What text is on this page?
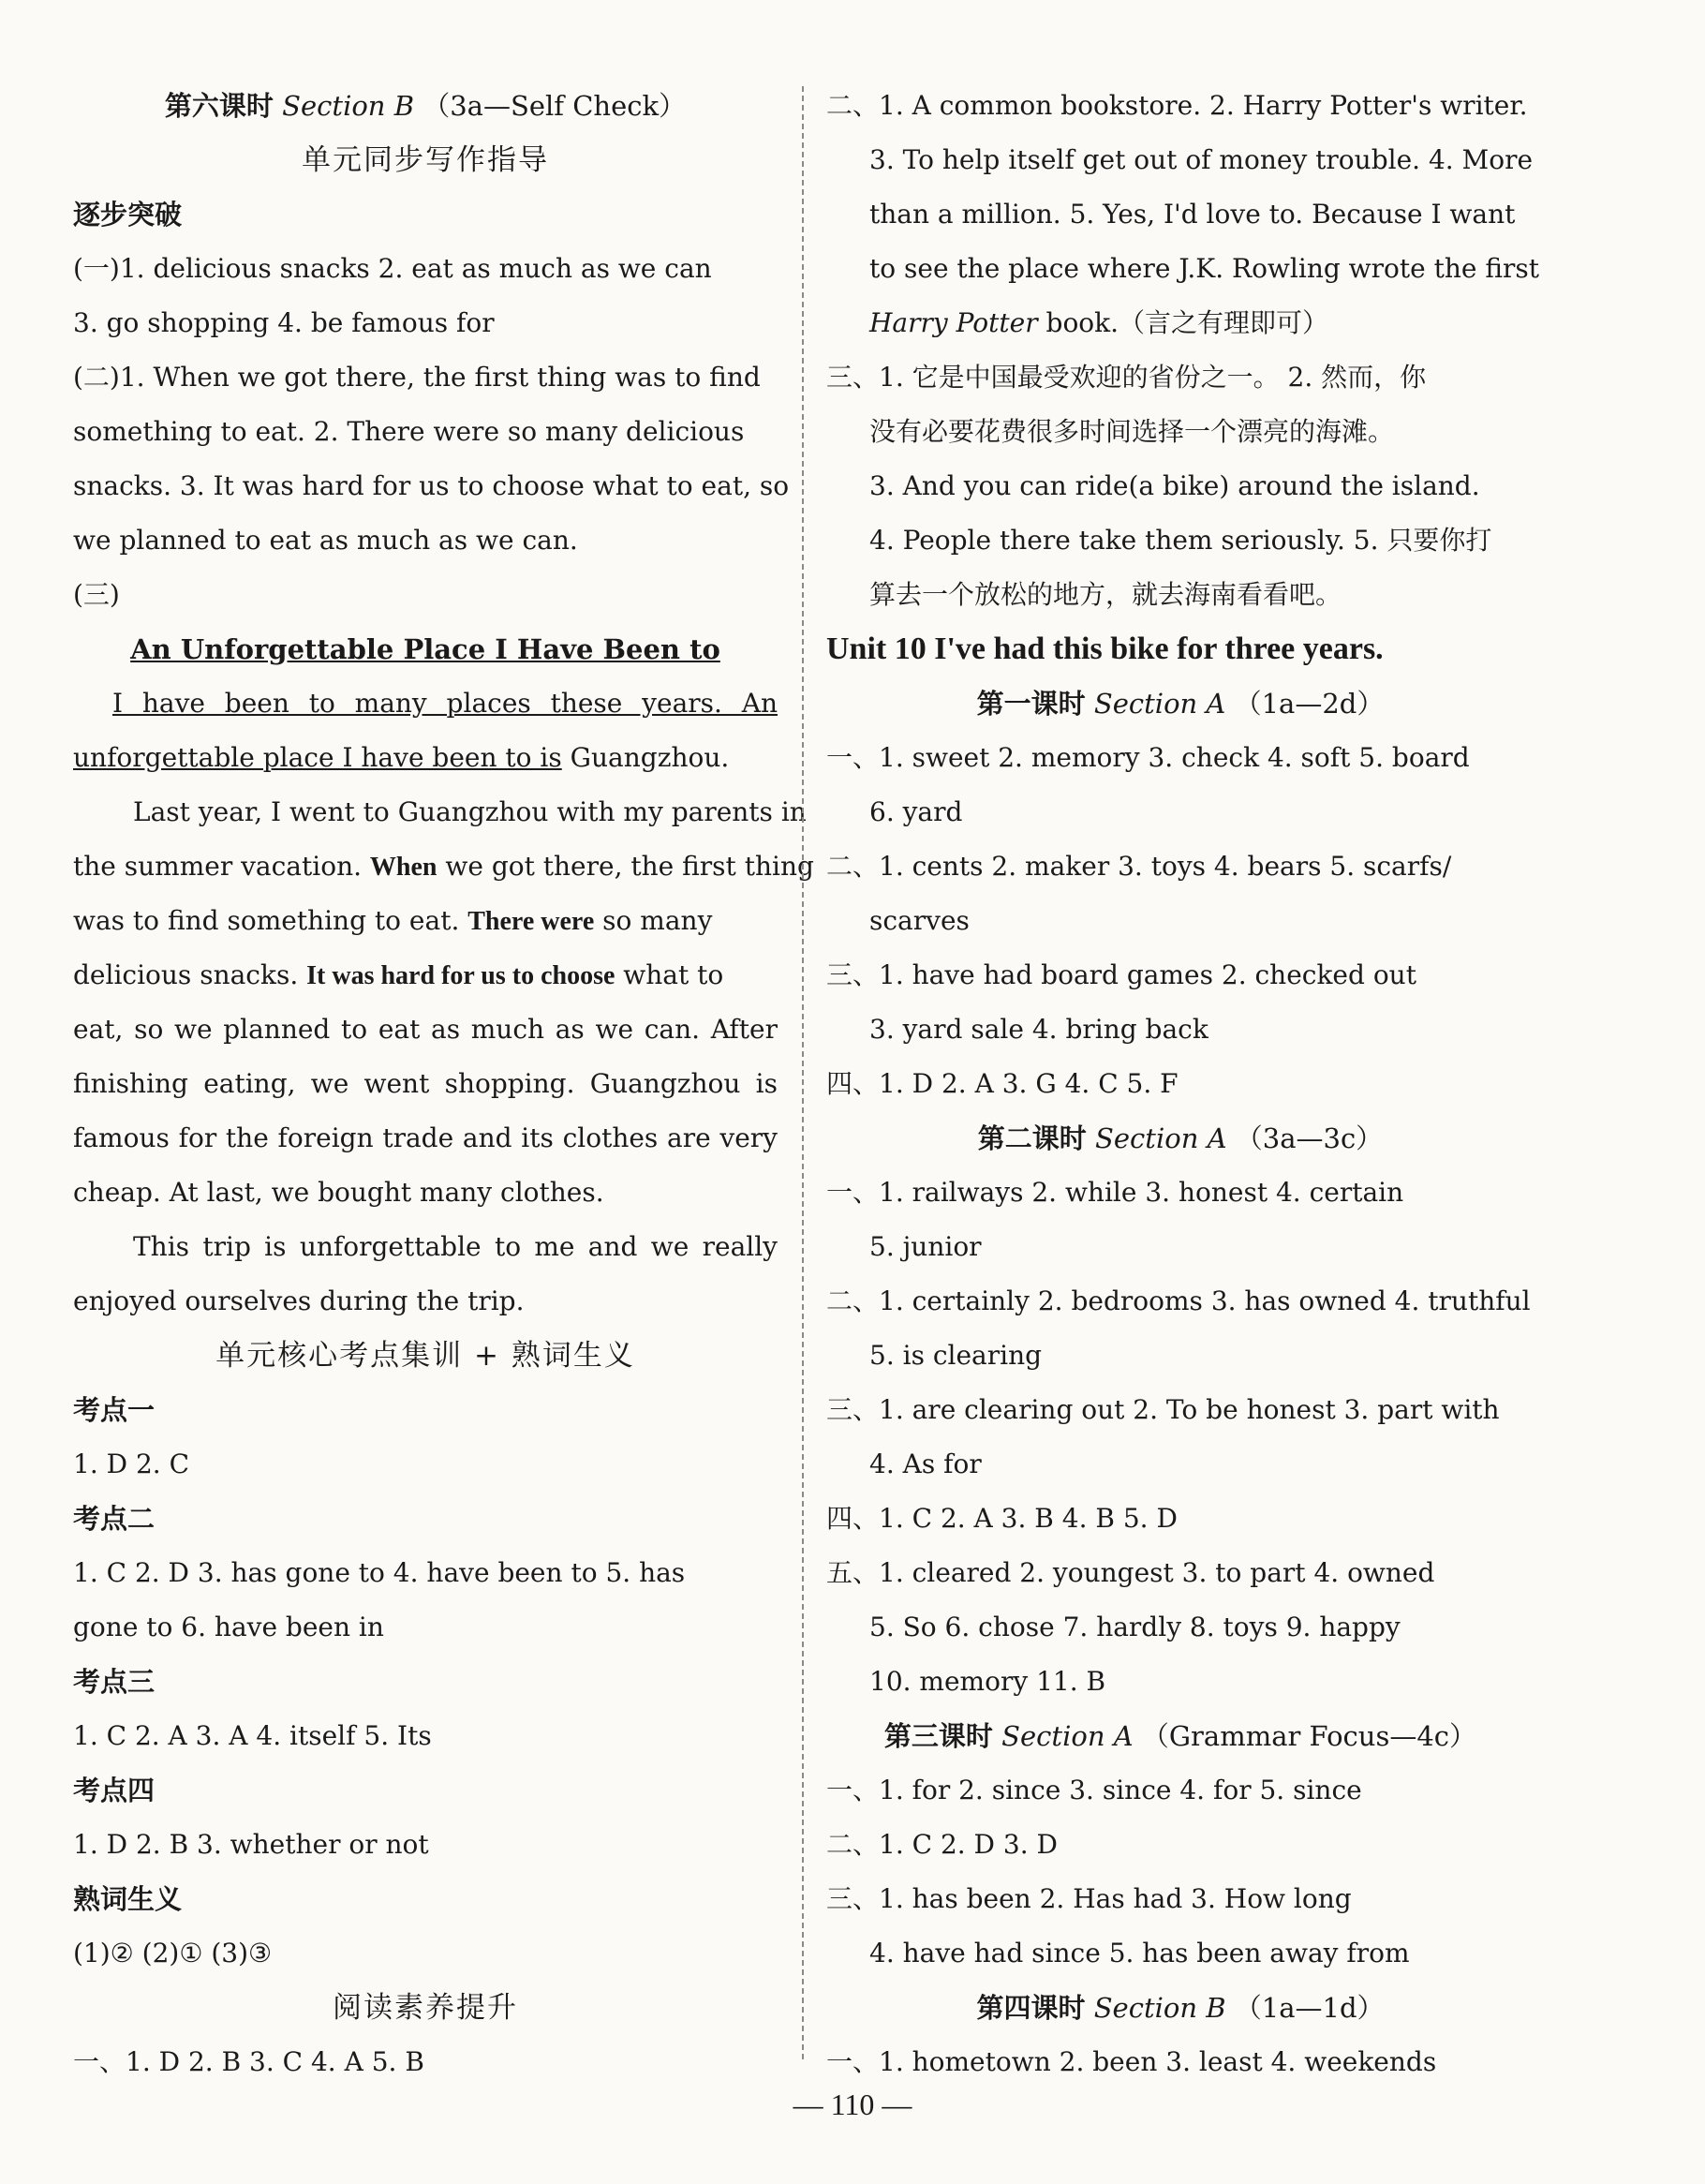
第六课时 Section B （3a—Self Check）
单元同步写作指导
逐步突破
(一)1. delicious snacks 2. eat as much as we can
3. go shopping 4. be famous for
(二)1. When we got there, the first thing was to find
something to eat. 2. There were so many delicious
snacks. 3. It was hard for us to choose what to eat, so
we planned to eat as much as we can.
(三)
An Unforgettable Place I Have Been to
I have been to many places these years. An
unforgettable place I have been to is Guangzhou.
Last year, I went to Guangzhou with my parents in
the summer vacation. When we got there, the first thing
was to find something to eat. There were so many
delicious snacks. It was hard for us to choose what to
eat, so we planned to eat as much as we can. After
finishing eating, we went shopping. Guangzhou is
famous for the foreign trade and its clothes are very
cheap. At last, we bought many clothes.
This trip is unforgettable to me and we really
enjoyed ourselves during the trip.
单元核心考点集训 + 熟词生义
考点一
1. D 2. C
考点二
1. C 2. D 3. has gone to 4. have been to 5. has
gone to 6. have been in
考点三
1. C 2. A 3. A 4. itself 5. Its
考点四
1. D 2. B 3. whether or not
熟词生义
(1)② (2)① (3)③
阅读素养提升
一、1. D 2. B 3. C 4. A 5. B
二、1. A common bookstore. 2. Harry Potter's writer.
3. To help itself get out of money trouble. 4. More
than a million. 5. Yes, I'd love to. Because I want
to see the place where J.K. Rowling wrote the first
Harry Potter book.（言之有理即可）
三、1. 它是中国最受欢迎的省份之一。 2. 然而，你
没有必要花费很多时间选择一个漂亮的海滩。
3. And you can ride(a bike) around the island.
4. People there take them seriously. 5. 只要你打
算去一个放松的地方，就去海南看看吧。
Unit 10 I've had this bike for three years.
第一课时 Section A （1a—2d）
一、1. sweet 2. memory 3. check 4. soft 5. board
6. yard
二、1. cents 2. maker 3. toys 4. bears 5. scarfs/
scarves
三、1. have had board games 2. checked out
3. yard sale 4. bring back
四、1. D 2. A 3. G 4. C 5. F
第二课时 Section A （3a—3c）
一、1. railways 2. while 3. honest 4. certain
5. junior
二、1. certainly 2. bedrooms 3. has owned 4. truthful
5. is clearing
三、1. are clearing out 2. To be honest 3. part with
4. As for
四、1. C 2. A 3. B 4. B 5. D
五、1. cleared 2. youngest 3. to part 4. owned
5. So 6. chose 7. hardly 8. toys 9. happy
10. memory 11. B
第三课时 Section A （Grammar Focus—4c）
一、1. for 2. since 3. since 4. for 5. since
二、1. C 2. D 3. D
三、1. has been 2. Has had 3. How long
4. have had since 5. has been away from
第四课时 Section B （1a—1d）
一、1. hometown 2. been 3. least 4. weekends
— 110 —
